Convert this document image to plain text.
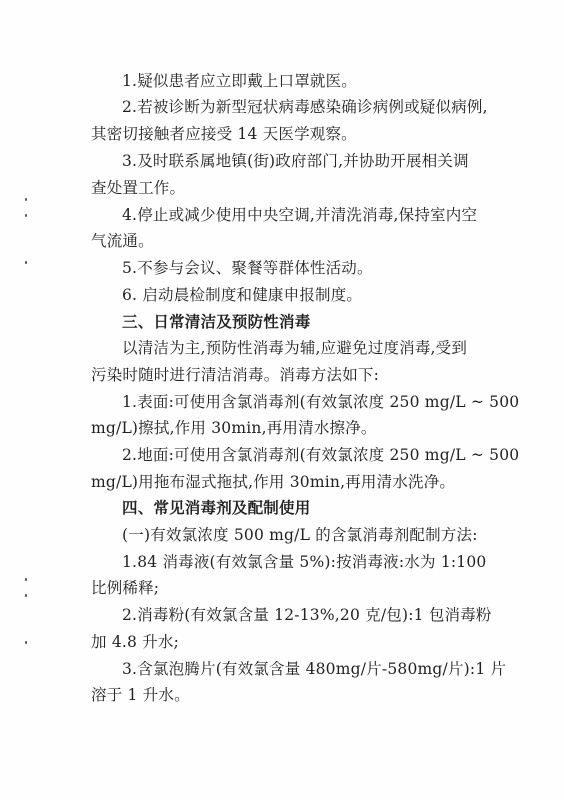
1.疑似患者应立即戴上口罩就医。
2.若被诊断为新型冠状病毒感染确诊病例或疑似病例,
其密切接触者应接受 14 天医学观察。
3.及时联系属地镇(街)政府部门,并协助开展相关调
查处置工作。
4.停止或减少使用中央空调,并清洗消毒,保持室内空
气流通。
5.不参与会议、聚餐等群体性活动。
6. 启动晨检制度和健康申报制度。
三、日常清洁及预防性消毒
以清洁为主,预防性消毒为辅,应避免过度消毒,受到
污染时随时进行清洁消毒。消毒方法如下:
1.表面:可使用含氯消毒剂(有效氯浓度 250 mg/L ~ 500
mg/L)擦拭,作用 30min,再用清水擦净。
2.地面:可使用含氯消毒剂(有效氯浓度 250 mg/L ~ 500
mg/L)用拖布湿式拖拭,作用 30min,再用清水洗净。
四、常见消毒剂及配制使用
(一)有效氯浓度 500 mg/L 的含氯消毒剂配制方法:
1.84 消毒液(有效氯含量 5%):按消毒液:水为 1:100
比例稀释;
2.消毒粉(有效氯含量 12-13%,20 克/包):1 包消毒粉
加 4.8 升水;
3.含氯泡腾片(有效氯含量 480mg/片-580mg/片):1 片
溶于 1 升水。
